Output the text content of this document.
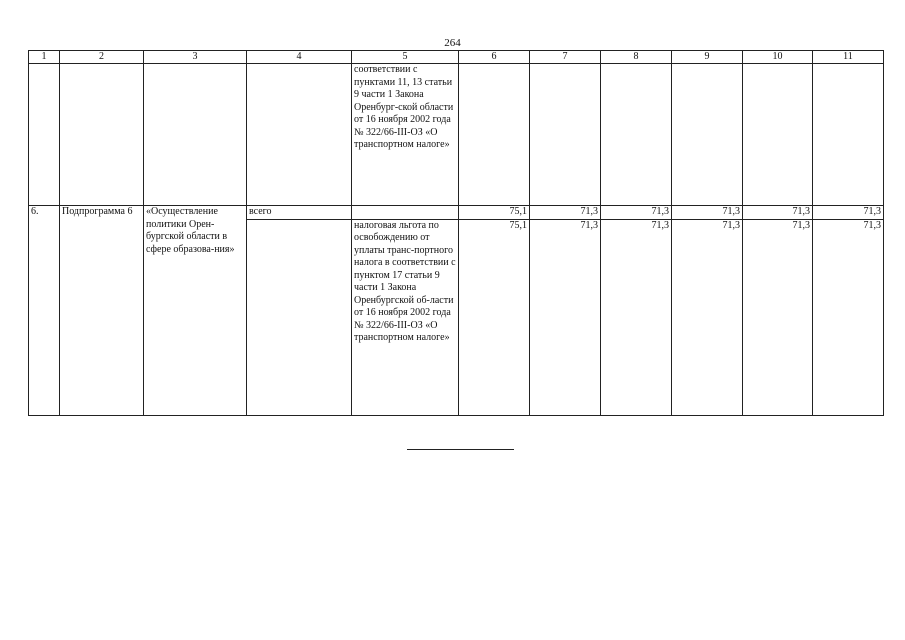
264
1	2	3	4	5	6	7	8	9	10	11
				соответствии с пунктами 11, 13 статьи 9 части 1 Закона Оренбург-ской области от 16 ноября 2002 года № 322/66-III-ОЗ «О транспортном налоге»						
6.	Подпрограмма 6	«Осуществление политики Орен-бургской области в сфере образова-ния»	всего		75,1	71,3	71,3	71,3	71,3	71,3
				налоговая льгота по освобождению от уплаты транс-портного налога в соответствии с пунктом 17 статьи 9 части 1 Закона Оренбургской об-ласти от 16 ноября 2002 года № 322/66-III-ОЗ «О транспортном налоге»	75,1	71,3	71,3	71,3	71,3	71,3
